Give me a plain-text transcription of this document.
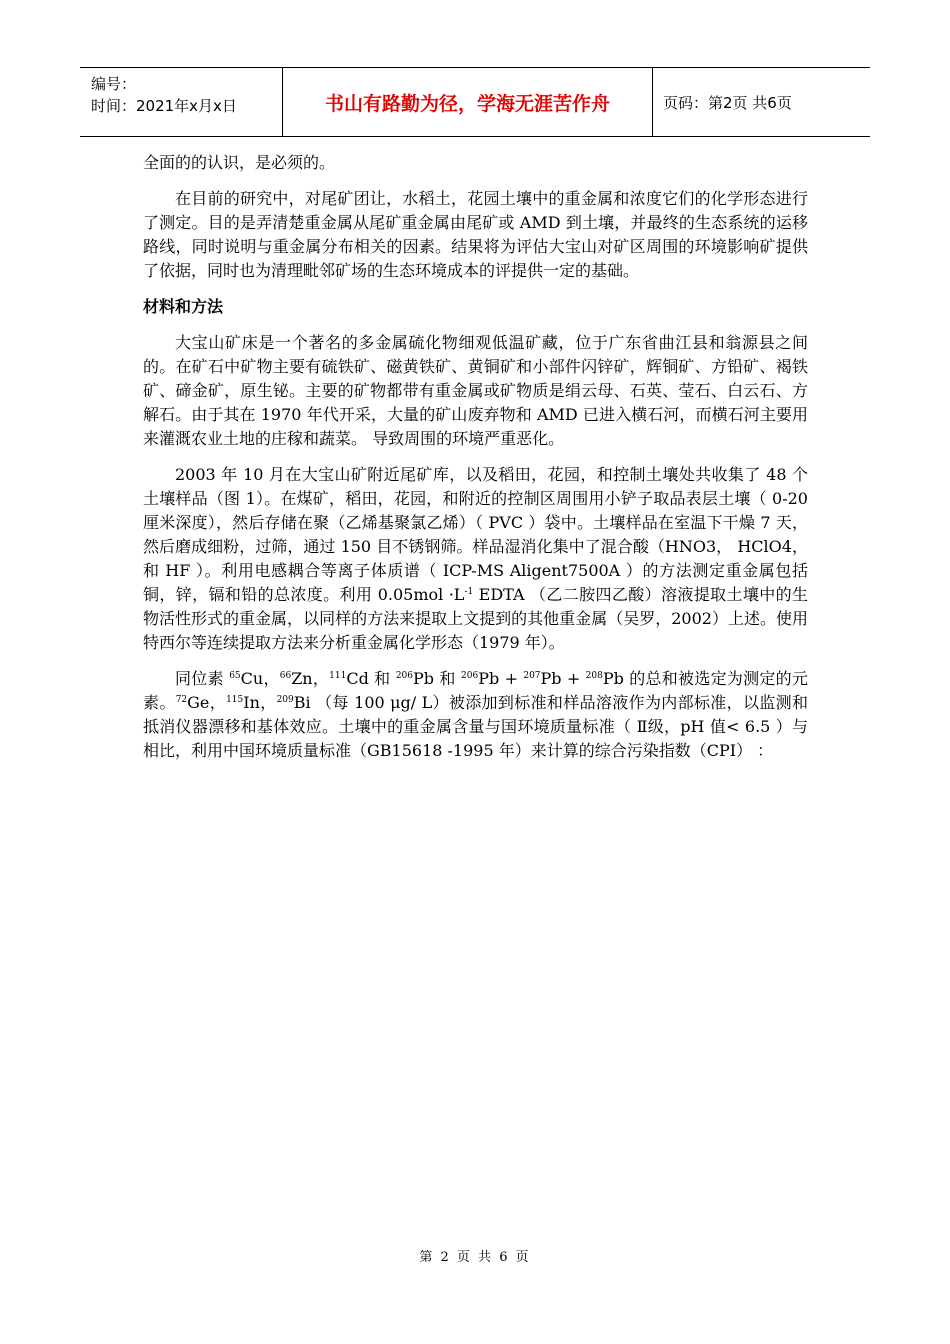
编号：
时间：2021年x月x日	书山有路勤为径，学海无涯苦作舟	页码：第2页 共6页

全面的的认识，是必须的。

在目前的研究中，对尾矿团让，水稻土，花园土壤中的重金属和浓度它们的化学形态进行了测定。目的是弄清楚重金属从尾矿重金属由尾矿或 AMD 到土壤，并最终的生态系统的运移路线，同时说明与重金属分布相关的因素。结果将为评估大宝山对矿区周围的环境影响矿提供了依据，同时也为清理毗邻矿场的生态环境成本的评提供一定的基础。

材料和方法

大宝山矿床是一个著名的多金属硫化物细观低温矿藏，位于广东省曲江县和翁源县之间的。在矿石中矿物主要有硫铁矿、磁黄铁矿、黄铜矿和小部件闪锌矿，辉铜矿、方铅矿、褐铁矿、碲金矿，原生铋。主要的矿物都带有重金属或矿物质是绢云母、石英、莹石、白云石、方解石。由于其在 1970 年代开采，大量的矿山废弃物和 AMD 已进入横石河，而横石河主要用来灌溉农业土地的庄稼和蔬菜。 导致周围的环境严重恶化。

2003 年 10 月在大宝山矿附近尾矿库，以及稻田，花园，和控制土壤处共收集了 48 个土壤样品（图 1）。在煤矿，稻田，花园，和附近的控制区周围用小铲子取品表层土壤（ 0-20 厘米深度），然后存储在聚（乙烯基聚氯乙烯）（ PVC ）袋中。土壤样品在室温下干燥 7 天，然后磨成细粉，过筛，通过 150 目不锈钢筛。样品湿消化集中了混合酸（HNO3， HClO4， 和 HF ）。利用电感耦合等离子体质谱（ ICP-MS Aligent7500A ）的方法测定重金属包括铜，锌，镉和铅的总浓度。利用 $0.05mol \cdot L^{-1}$ EDTA （乙二胺四乙酸）溶液提取土壤中的生物活性形式的重金属，以同样的方法来提取上文提到的其他重金属（吴罗，2002）上述。使用特西尔等连续提取方法来分析重金属化学形态（1979 年）。

同位素 $^{65}$Cu，$^{66}$Zn，$^{111}$Cd 和 $^{206}$Pb 和 $^{206}$Pb + $^{207}$Pb + $^{208}$Pb 的总和被选定为测定的元素。$^{72}$Ge，$^{115}$In，$^{209}$Bi （每 100 μg/ L）被添加到标准和样品溶液作为内部标准，以监测和抵消仪器漂移和基体效应。土壤中的重金属含量与国环境质量标准（ Ⅱ级，pH 值< 6.5 ）与相比，利用中国环境质量标准（GB15618 -1995 年）来计算的综合污染指数（CPI） ：

第 2 页 共 6 页
